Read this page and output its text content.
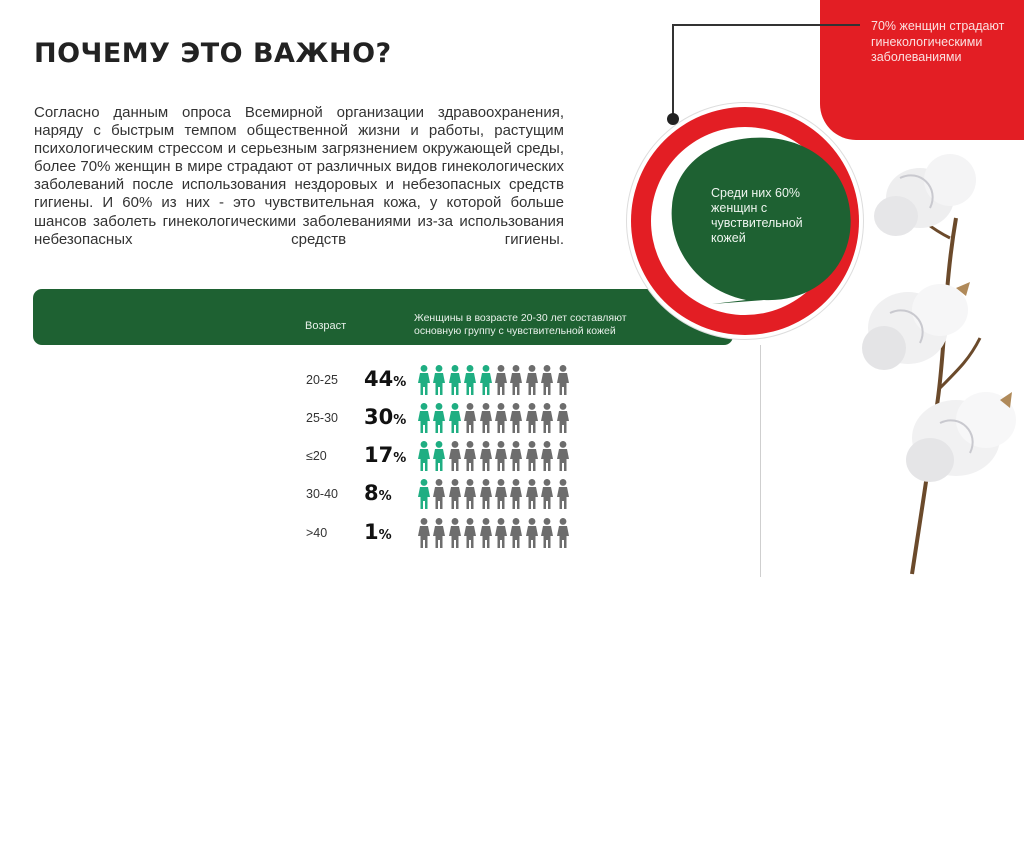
ПОЧЕМУ ЭТО ВАЖНО?

Согласно данным опроса Всемирной организации здравоохранения, наряду с быстрым темпом общественной жизни и работы, растущим психологическим стрессом и серьезным загрязнением окружающей среды, более 70% женщин в мире страдают от различных видов гинекологических заболеваний после использования нездоровых и небезопасных средств гигиены. И 60% из них - это чувствительная кожа, у которой больше шансов заболеть гинекологическими заболеваниями из-за использования небезопасных средств гигиены.

Возраст
Женщины в возрасте 20-30 лет составляют основную группу с чувствительной кожей
20-25	44%
25-30	30%
≤20	17%
30-40	8%
>40	1%
70% женщин страдают гинекологическими заболеваниями
Среди них 60% женщин с чувствительной кожей
